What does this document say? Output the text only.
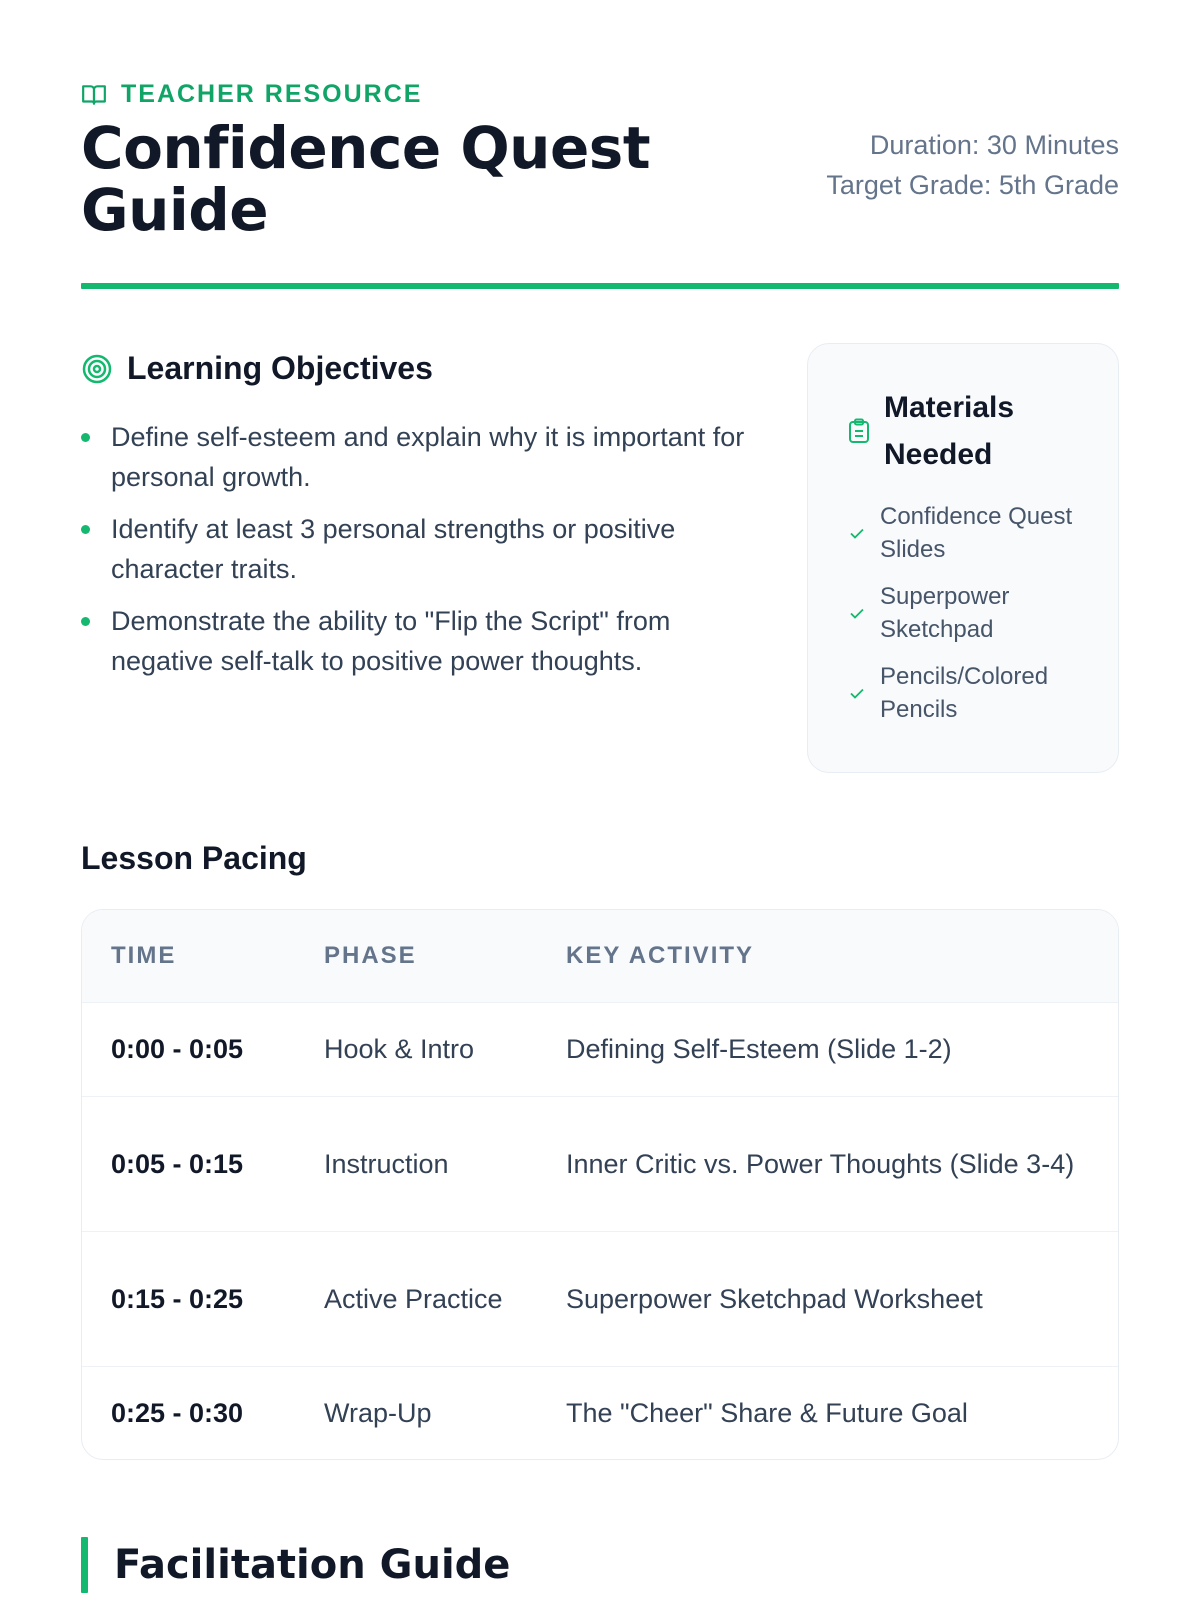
TEACHER RESOURCE
Confidence Quest Guide
Duration: 30 Minutes
Target Grade: 5th Grade
Learning Objectives
Define self-esteem and explain why it is important for personal growth.
Identify at least 3 personal strengths or positive character traits.
Demonstrate the ability to "Flip the Script" from negative self-talk to positive power thoughts.
Materials Needed
Confidence Quest Slides
Superpower Sketchpad
Pencils/Colored Pencils
Lesson Pacing
TIME	PHASE	KEY ACTIVITY
0:00 - 0:05	Hook & Intro	Defining Self-Esteem (Slide 1-2)
0:05 - 0:15	Instruction	Inner Critic vs. Power Thoughts (Slide 3-4)
0:15 - 0:25	Active Practice	Superpower Sketchpad Worksheet
0:25 - 0:30	Wrap-Up	The "Cheer" Share & Future Goal
Facilitation Guide
